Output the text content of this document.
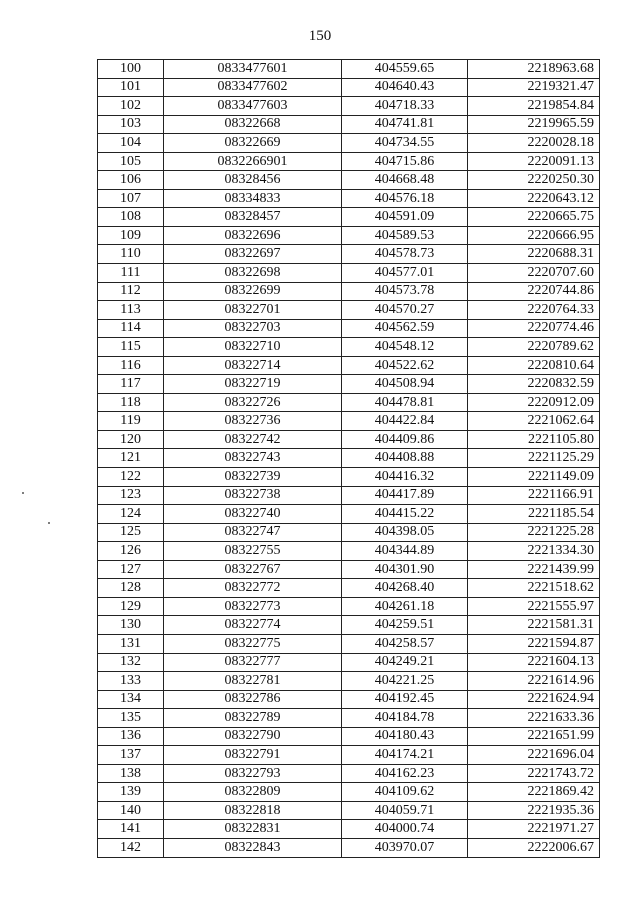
150
100	0833477601	404559.65	2218963.68
101	0833477602	404640.43	2219321.47
102	0833477603	404718.33	2219854.84
103	08322668	404741.81	2219965.59
104	08322669	404734.55	2220028.18
105	0832266901	404715.86	2220091.13
106	08328456	404668.48	2220250.30
107	08334833	404576.18	2220643.12
108	08328457	404591.09	2220665.75
109	08322696	404589.53	2220666.95
110	08322697	404578.73	2220688.31
111	08322698	404577.01	2220707.60
112	08322699	404573.78	2220744.86
113	08322701	404570.27	2220764.33
114	08322703	404562.59	2220774.46
115	08322710	404548.12	2220789.62
116	08322714	404522.62	2220810.64
117	08322719	404508.94	2220832.59
118	08322726	404478.81	2220912.09
119	08322736	404422.84	2221062.64
120	08322742	404409.86	2221105.80
121	08322743	404408.88	2221125.29
122	08322739	404416.32	2221149.09
123	08322738	404417.89	2221166.91
124	08322740	404415.22	2221185.54
125	08322747	404398.05	2221225.28
126	08322755	404344.89	2221334.30
127	08322767	404301.90	2221439.99
128	08322772	404268.40	2221518.62
129	08322773	404261.18	2221555.97
130	08322774	404259.51	2221581.31
131	08322775	404258.57	2221594.87
132	08322777	404249.21	2221604.13
133	08322781	404221.25	2221614.96
134	08322786	404192.45	2221624.94
135	08322789	404184.78	2221633.36
136	08322790	404180.43	2221651.99
137	08322791	404174.21	2221696.04
138	08322793	404162.23	2221743.72
139	08322809	404109.62	2221869.42
140	08322818	404059.71	2221935.36
141	08322831	404000.74	2221971.27
142	08322843	403970.07	2222006.67
